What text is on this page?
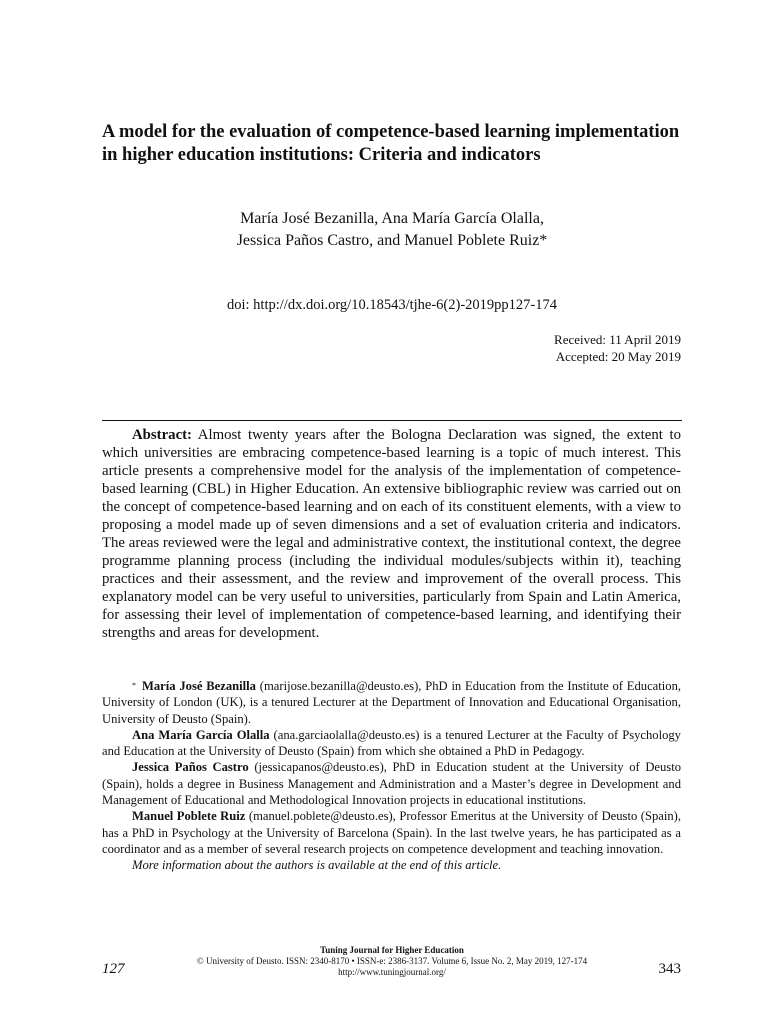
A model for the evaluation of competence-based learning implementation in higher education institutions: Criteria and indicators
María José Bezanilla, Ana María García Olalla,
Jessica Paños Castro, and Manuel Poblete Ruiz*
doi: http://dx.doi.org/10.18543/tjhe-6(2)-2019pp127-174
Received: 11 April 2019
Accepted: 20 May 2019

Abstract: Almost twenty years after the Bologna Declaration was signed, the extent to which universities are embracing competence-based learning is a topic of much interest. This article presents a comprehensive model for the analysis of the implementation of competence-based learning (CBL) in Higher Education. An extensive bibliographic review was carried out on the concept of competence-based learning and on each of its constituent elements, with a view to proposing a model made up of seven dimensions and a set of evaluation criteria and indicators. The areas reviewed were the legal and administrative context, the institutional context, the degree programme planning process (including the individual modules/subjects within it), teaching practices and their assessment, and the review and improvement of the overall process. This explanatory model can be very useful to universities, particularly from Spain and Latin America, for assessing their level of implementation of competence-based learning, and identifying their strengths and areas for development.

* María José Bezanilla (marijose.bezanilla@deusto.es), PhD in Education from the Institute of Education, University of London (UK), is a tenured Lecturer at the Department of Innovation and Educational Organisation, University of Deusto (Spain).

Ana María García Olalla (ana.garciaolalla@deusto.es) is a tenured Lecturer at the Faculty of Psychology and Education at the University of Deusto (Spain) from which she obtained a PhD in Pedagogy.

Jessica Paños Castro (jessicapanos@deusto.es), PhD in Education student at the University of Deusto (Spain), holds a degree in Business Management and Administration and a Master’s degree in Development and Management of Educational and Methodological Innovation projects in educational institutions.

Manuel Poblete Ruiz (manuel.poblete@deusto.es), Professor Emeritus at the University of Deusto (Spain), has a PhD in Psychology at the University of Barcelona (Spain). In the last twelve years, he has participated as a coordinator and as a member of several research projects on competence development and teaching innovation.

More information about the authors is available at the end of this article.

Tuning Journal for Higher Education
© University of Deusto. ISSN: 2340-8170 • ISSN-e: 2386-3137. Volume 6, Issue No. 2, May 2019, 127-174
http://www.tuningjournal.org/
127	343
